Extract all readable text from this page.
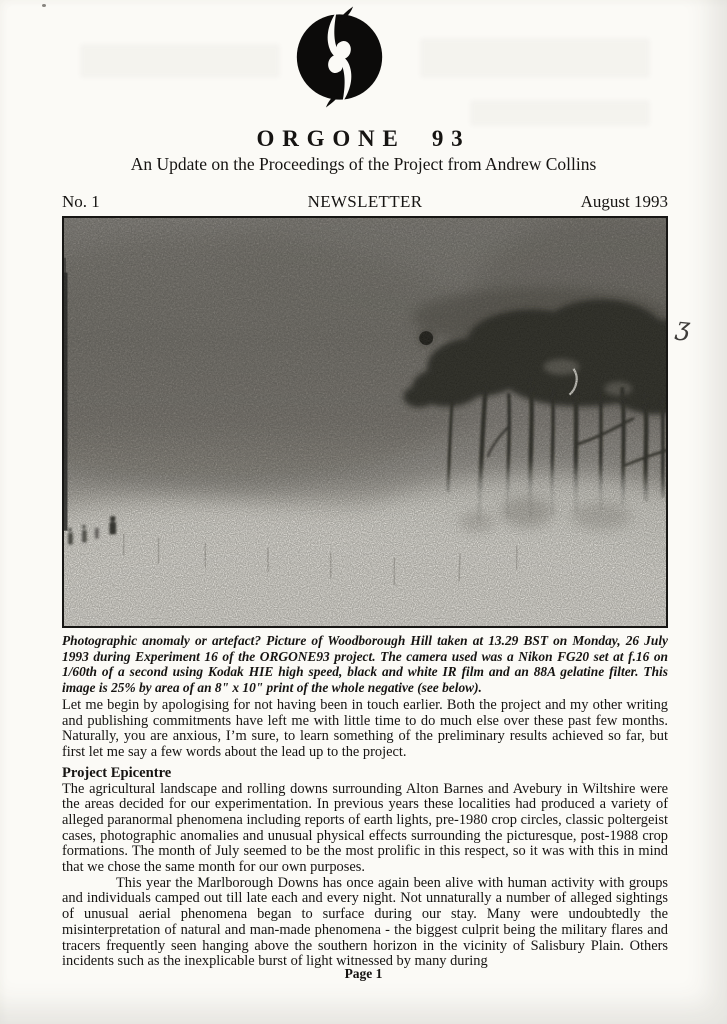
ORGONE 93
An Update on the Proceedings of the Project from Andrew Collins
No. 1	NEWSLETTER	August 1993
ʒ
Photographic anomaly or artefact? Picture of Woodborough Hill taken at 13.29 BST on Monday, 26 July 1993 during Experiment 16 of the ORGONE93 project. The camera used was a Nikon FG20 set at f.16 on 1/60th of a second using Kodak HIE high speed, black and white IR film and an 88A gelatine filter. This image is 25% by area of an 8" x 10" print of the whole negative (see below).

Let me begin by apologising for not having been in touch earlier. Both the project and my other writing and publishing commitments have left me with little time to do much else over these past few months. Naturally, you are anxious, I’m sure, to learn something of the preliminary results achieved so far, but first let me say a few words about the lead up to the project.

Project Epicentre

The agricultural landscape and rolling downs surrounding Alton Barnes and Avebury in Wiltshire were the areas decided for our experimentation. In previous years these localities had produced a variety of alleged paranormal phenomena including reports of earth lights, pre-1980 crop circles, classic poltergeist cases, photographic anomalies and unusual physical effects surrounding the picturesque, post-1988 crop formations. The month of July seemed to be the most prolific in this respect, so it was with this in mind that we chose the same month for our own purposes.

This year the Marlborough Downs has once again been alive with human activity with groups and individuals camped out till late each and every night. Not unnaturally a number of alleged sightings of unusual aerial phenomena began to surface during our stay. Many were undoubtedly the misinterpretation of natural and man-made phenomena - the biggest culprit being the military flares and tracers frequently seen hanging above the southern horizon in the vicinity of Salisbury Plain. Others incidents such as the inexplicable burst of light witnessed by many during

Page 1
